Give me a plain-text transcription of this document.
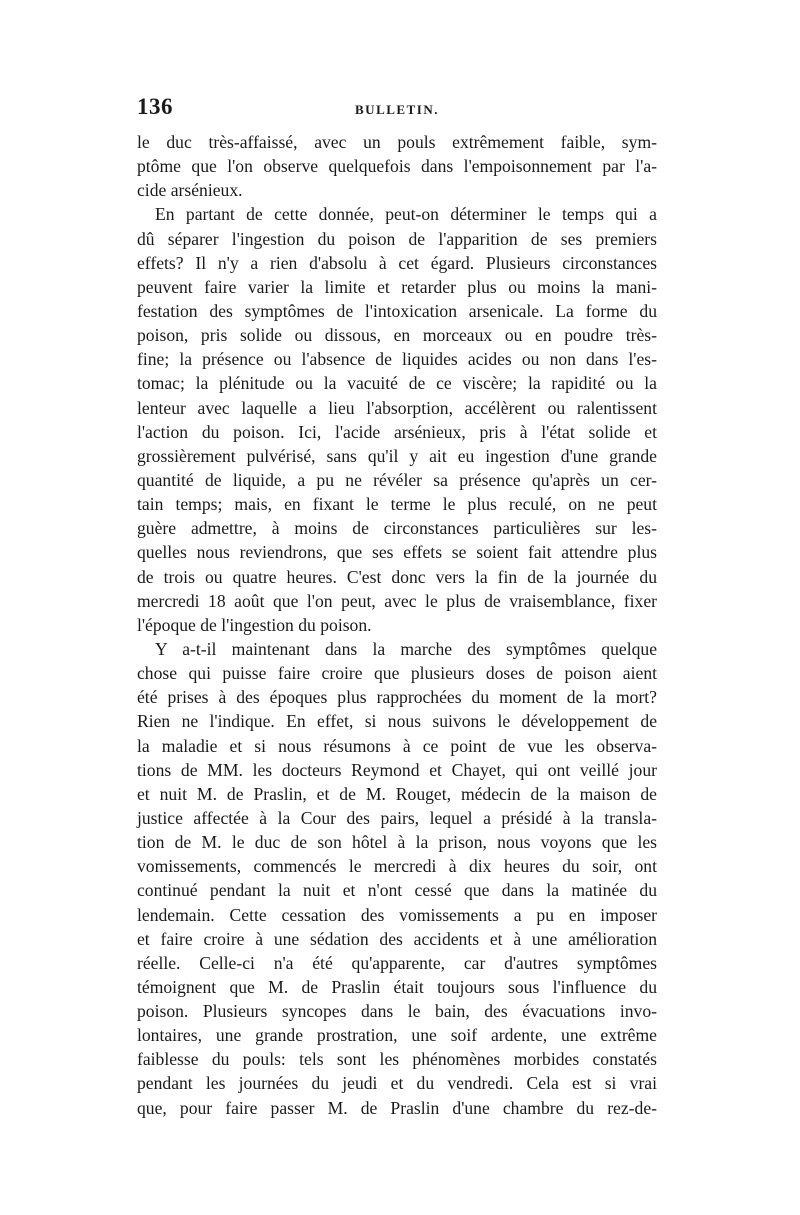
136	BULLETIN.
le duc très-affaissé, avec un pouls extrêmement faible, sym-
ptôme que l'on observe quelquefois dans l'empoisonnement par l'a-
cide arsénieux.
En partant de cette donnée, peut-on déterminer le temps qui a
dû séparer l'ingestion du poison de l'apparition de ses premiers
effets? Il n'y a rien d'absolu à cet égard. Plusieurs circonstances
peuvent faire varier la limite et retarder plus ou moins la mani-
festation des symptômes de l'intoxication arsenicale. La forme du
poison, pris solide ou dissous, en morceaux ou en poudre très-
fine; la présence ou l'absence de liquides acides ou non dans l'es-
tomac; la plénitude ou la vacuité de ce viscère; la rapidité ou la
lenteur avec laquelle a lieu l'absorption, accélèrent ou ralentissent
l'action du poison. Ici, l'acide arsénieux, pris à l'état solide et
grossièrement pulvérisé, sans qu'il y ait eu ingestion d'une grande
quantité de liquide, a pu ne révéler sa présence qu'après un cer-
tain temps; mais, en fixant le terme le plus reculé, on ne peut
guère admettre, à moins de circonstances particulières sur les-
quelles nous reviendrons, que ses effets se soient fait attendre plus
de trois ou quatre heures. C'est donc vers la fin de la journée du
mercredi 18 août que l'on peut, avec le plus de vraisemblance, fixer
l'époque de l'ingestion du poison.
Y a-t-il maintenant dans la marche des symptômes quelque
chose qui puisse faire croire que plusieurs doses de poison aient
été prises à des époques plus rapprochées du moment de la mort?
Rien ne l'indique. En effet, si nous suivons le développement de
la maladie et si nous résumons à ce point de vue les observa-
tions de MM. les docteurs Reymond et Chayet, qui ont veillé jour
et nuit M. de Praslin, et de M. Rouget, médecin de la maison de
justice affectée à la Cour des pairs, lequel a présidé à la transla-
tion de M. le duc de son hôtel à la prison, nous voyons que les
vomissements, commencés le mercredi à dix heures du soir, ont
continué pendant la nuit et n'ont cessé que dans la matinée du
lendemain. Cette cessation des vomissements a pu en imposer
et faire croire à une sédation des accidents et à une amélioration
réelle. Celle-ci n'a été qu'apparente, car d'autres symptômes
témoignent que M. de Praslin était toujours sous l'influence du
poison. Plusieurs syncopes dans le bain, des évacuations invo-
lontaires, une grande prostration, une soif ardente, une extrême
faiblesse du pouls: tels sont les phénomènes morbides constatés
pendant les journées du jeudi et du vendredi. Cela est si vrai
que, pour faire passer M. de Praslin d'une chambre du rez-de-
